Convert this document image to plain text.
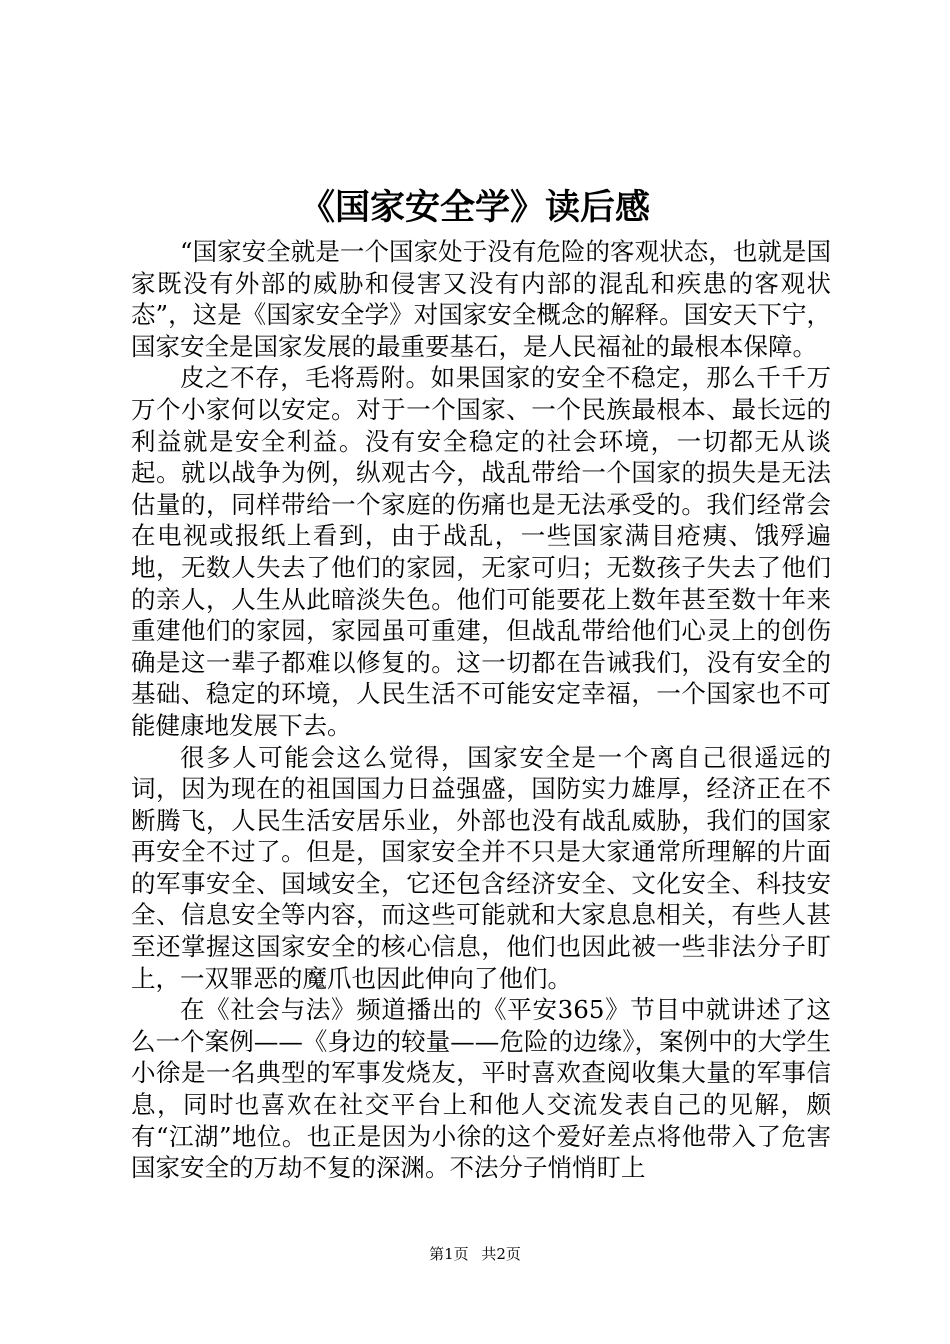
《国家安全学》读后感

“国家安全就是一个国家处于没有危险的客观状态，也就是国家既没有外部的威胁和侵害又没有内部的混乱和疾患的客观状态”，这是《国家安全学》对国家安全概念的解释。国安天下宁，国家安全是国家发展的最重要基石，是人民福祉的最根本保障。

皮之不存，毛将焉附。如果国家的安全不稳定，那么千千万万个小家何以安定。对于一个国家、一个民族最根本、最长远的利益就是安全利益。没有安全稳定的社会环境，一切都无从谈起。就以战争为例，纵观古今，战乱带给一个国家的损失是无法估量的，同样带给一个家庭的伤痛也是无法承受的。我们经常会在电视或报纸上看到，由于战乱，一些国家满目疮痍、饿殍遍地，无数人失去了他们的家园，无家可归；无数孩子失去了他们的亲人，人生从此暗淡失色。他们可能要花上数年甚至数十年来重建他们的家园，家园虽可重建，但战乱带给他们心灵上的创伤确是这一辈子都难以修复的。这一切都在告诫我们，没有安全的基础、稳定的环境，人民生活不可能安定幸福，一个国家也不可能健康地发展下去。

很多人可能会这么觉得，国家安全是一个离自己很遥远的词，因为现在的祖国国力日益强盛，国防实力雄厚，经济正在不断腾飞，人民生活安居乐业，外部也没有战乱威胁，我们的国家再安全不过了。但是，国家安全并不只是大家通常所理解的片面的军事安全、国域安全，它还包含经济安全、文化安全、科技安全、信息安全等内容，而这些可能就和大家息息相关，有些人甚至还掌握这国家安全的核心信息，他们也因此被一些非法分子盯上，一双罪恶的魔爪也因此伸向了他们。

在《社会与法》频道播出的《平安365》节目中就讲述了这么一个案例——《身边的较量——危险的边缘》，案例中的大学生小徐是一名典型的军事发烧友，平时喜欢查阅收集大量的军事信息，同时也喜欢在社交平台上和他人交流发表自己的见解，颇有“江湖”地位。也正是因为小徐的这个爱好差点将他带入了危害国家安全的万劫不复的深渊。不法分子悄悄盯上

第1页 共2页
